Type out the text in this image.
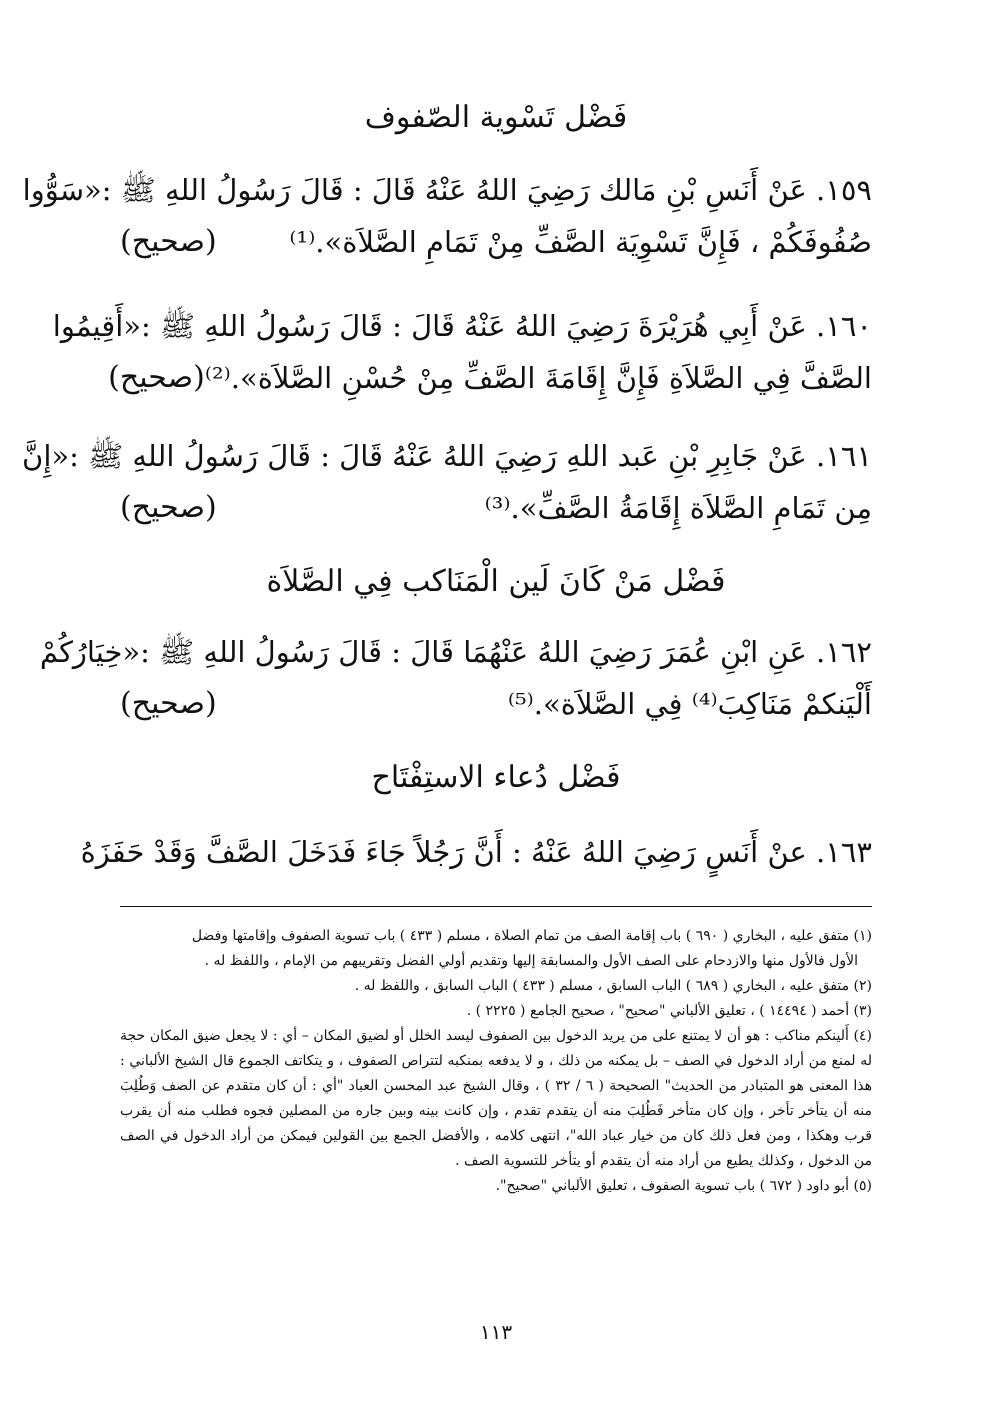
فَضْل تَسْوية الصّفوف
١٥٩. عَنْ أَنَسِ بْنِ مَالك رَضِيَ اللهُ عَنْهُ قَالَ : قَالَ رَسُولُ اللهِ ﷺ :«سَوُّوا
صُفُوفَكُمْ ، فَإِنَّ تَسْوِيَة الصَّفِّ مِنْ تَمَامِ الصَّلاَة».⁽¹⁾
(صحيح)
١٦٠. عَنْ أَبِي هُرَيْرَةَ رَضِيَ اللهُ عَنْهُ قَالَ : قَالَ رَسُولُ اللهِ ﷺ :«أَقِيمُوا
الصَّفَّ فِي الصَّلاَةِ فَإِنَّ إِقَامَةَ الصَّفِّ مِنْ حُسْنِ الصَّلاَة».⁽²⁾
(صحيح)
١٦١. عَنْ جَابِرِ بْنِ عَبد اللهِ رَضِيَ اللهُ عَنْهُ قَالَ : قَالَ رَسُولُ اللهِ ﷺ :«إِنَّ
مِن تَمَامِ الصَّلاَة إِقَامَةُ الصَّفِّ».⁽³⁾
(صحيح)
فَضْل مَنْ كَانَ لَين الْمَنَاكب فِي الصَّلاَة
١٦٢. عَنِ ابْنِ عُمَرَ رَضِيَ اللهُ عَنْهُمَا قَالَ : قَالَ رَسُولُ اللهِ ﷺ :«خِيَارُكُمْ
أَلْيَنكمْ مَنَاكِبَ⁽⁴⁾ فِي الصَّلاَة».⁽⁵⁾
(صحيح)
فَضْل دُعاء الاستِفْتَاح
١٦٣. عنْ أَنَسٍ رَضِيَ اللهُ عَنْهُ : أَنَّ رَجُلاً جَاءَ فَدَخَلَ الصَّفَّ وَقَدْ حَفَزَهُ

(١) متفق عليه ، البخاري ( ٦٩٠ ) باب إقامة الصف من تمام الصلاة ، مسلم ( ٤٣٣ ) باب تسوية الصفوف وإقامتها وفضل
الأول فالأول منها والازدحام على الصف الأول والمسابقة إليها وتقديم أولي الفضل وتقريبهم من الإمام ، واللفظ له .

(٢) متفق عليه ، البخاري ( ٦٨٩ ) الباب السابق ، مسلم ( ٤٣٣ ) الباب السابق ، واللفظ له .

(٣) أحمد ( ١٤٤٩٤ ) ، تعليق الألباني "صحيح" ، صحيح الجامع ( ٢٢٢٥ ) .

(٤) أَلينكم مناكب : هو أن لا يمتنع على من يريد الدخول بين الصفوف ليسد الخلل أو لضيق المكان – أي : لا يجعل ضيق المكان حجة له لمنع من أراد الدخول في الصف – بل يمكنه من ذلك ، و لا يدفعه بمنكبه لتتراص الصفوف ، و يتكاتف الجموع قال الشيخ الألباني : هذا المعنى هو المتبادر من الحديث" الصحيحة ( ٦ / ٣٢ ) ، وقال الشيخ عبد المحسن العباد "أي : أن كان متقدم عن الصف وَطُلِبَ منه أن يتأخر تأخر ، وإن كان متأخر فَطُلِبَ منه أن يتقدم تقدم ، وإن كانت بينه وبين جاره من المصلين فجوه فطلب منه أن يقرب قرب وهكذا ، ومن فعل ذلك كان من خيار عباد الله"، انتهى كلامه ، والأفضل الجمع بين القولين فيمكن من أراد الدخول في الصف من الدخول ، وكذلك يطيع من أراد منه أن يتقدم أو يتأخر للتسوية الصف .

(٥) أبو داود ( ٦٧٢ ) باب تسوية الصفوف ، تعليق الألباني "صحيح".

١١٣
